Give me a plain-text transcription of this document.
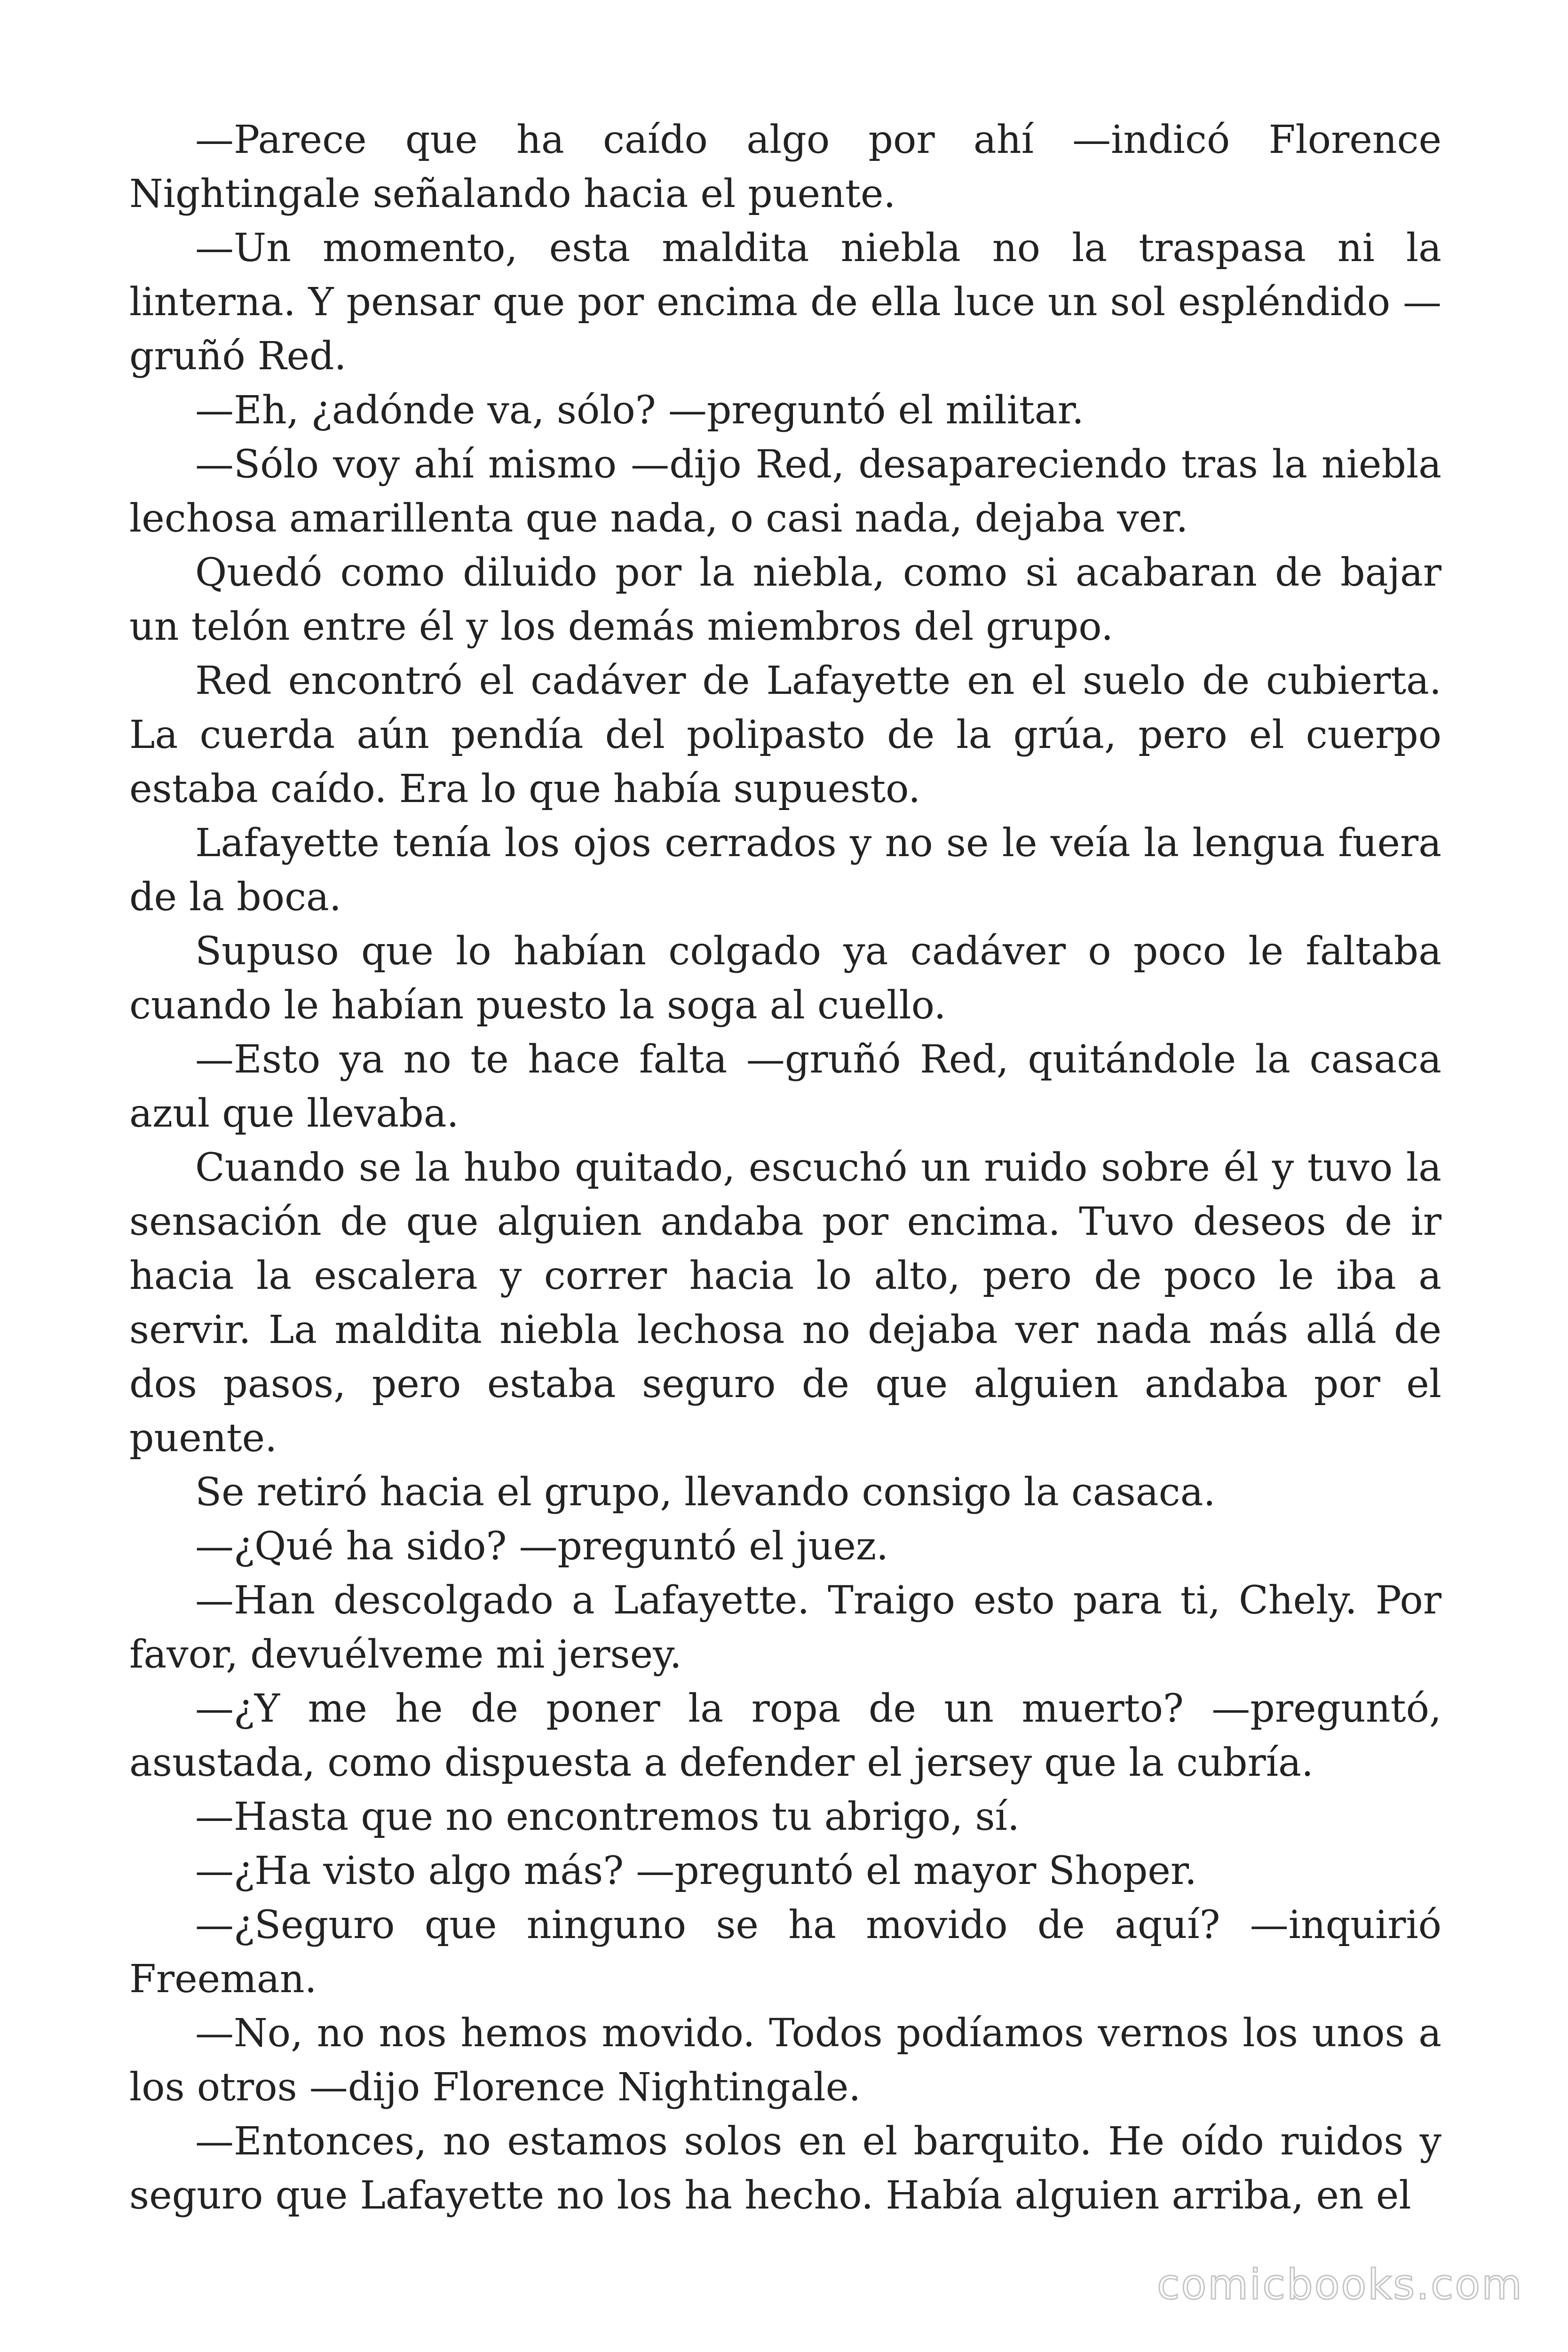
—Parece que ha caído algo por ahí —indicó Florence Nightingale señalando hacia el puente.

—Un momento, esta maldita niebla no la traspasa ni la linterna. Y pensar que por encima de ella luce un sol espléndido —gruñó Red.

—Eh, ¿adónde va, sólo? —preguntó el militar.

—Sólo voy ahí mismo —dijo Red, desapareciendo tras la niebla lechosa amarillenta que nada, o casi nada, dejaba ver.

Quedó como diluido por la niebla, como si acabaran de bajar un telón entre él y los demás miembros del grupo.

Red encontró el cadáver de Lafayette en el suelo de cubierta. La cuerda aún pendía del polipasto de la grúa, pero el cuerpo estaba caído. Era lo que había supuesto.

Lafayette tenía los ojos cerrados y no se le veía la lengua fuera de la boca.

Supuso que lo habían colgado ya cadáver o poco le faltaba cuando le habían puesto la soga al cuello.

—Esto ya no te hace falta —gruñó Red, quitándole la casaca azul que llevaba.

Cuando se la hubo quitado, escuchó un ruido sobre él y tuvo la sensación de que alguien andaba por encima. Tuvo deseos de ir hacia la escalera y correr hacia lo alto, pero de poco le iba a servir. La maldita niebla lechosa no dejaba ver nada más allá de dos pasos, pero estaba seguro de que alguien andaba por el puente.

Se retiró hacia el grupo, llevando consigo la casaca.

—¿Qué ha sido? —preguntó el juez.

—Han descolgado a Lafayette. Traigo esto para ti, Chely. Por favor, devuélveme mi jersey.

—¿Y me he de poner la ropa de un muerto? —preguntó, asustada, como dispuesta a defender el jersey que la cubría.

—Hasta que no encontremos tu abrigo, sí.

—¿Ha visto algo más? —preguntó el mayor Shoper.

—¿Seguro que ninguno se ha movido de aquí? —inquirió Freeman.

—No, no nos hemos movido. Todos podíamos vernos los unos a los otros —dijo Florence Nightingale.

—Entonces, no estamos solos en el barquito. He oído ruidos y seguro que Lafayette no los ha hecho. Había alguien arriba, en el

comicbooks.com
